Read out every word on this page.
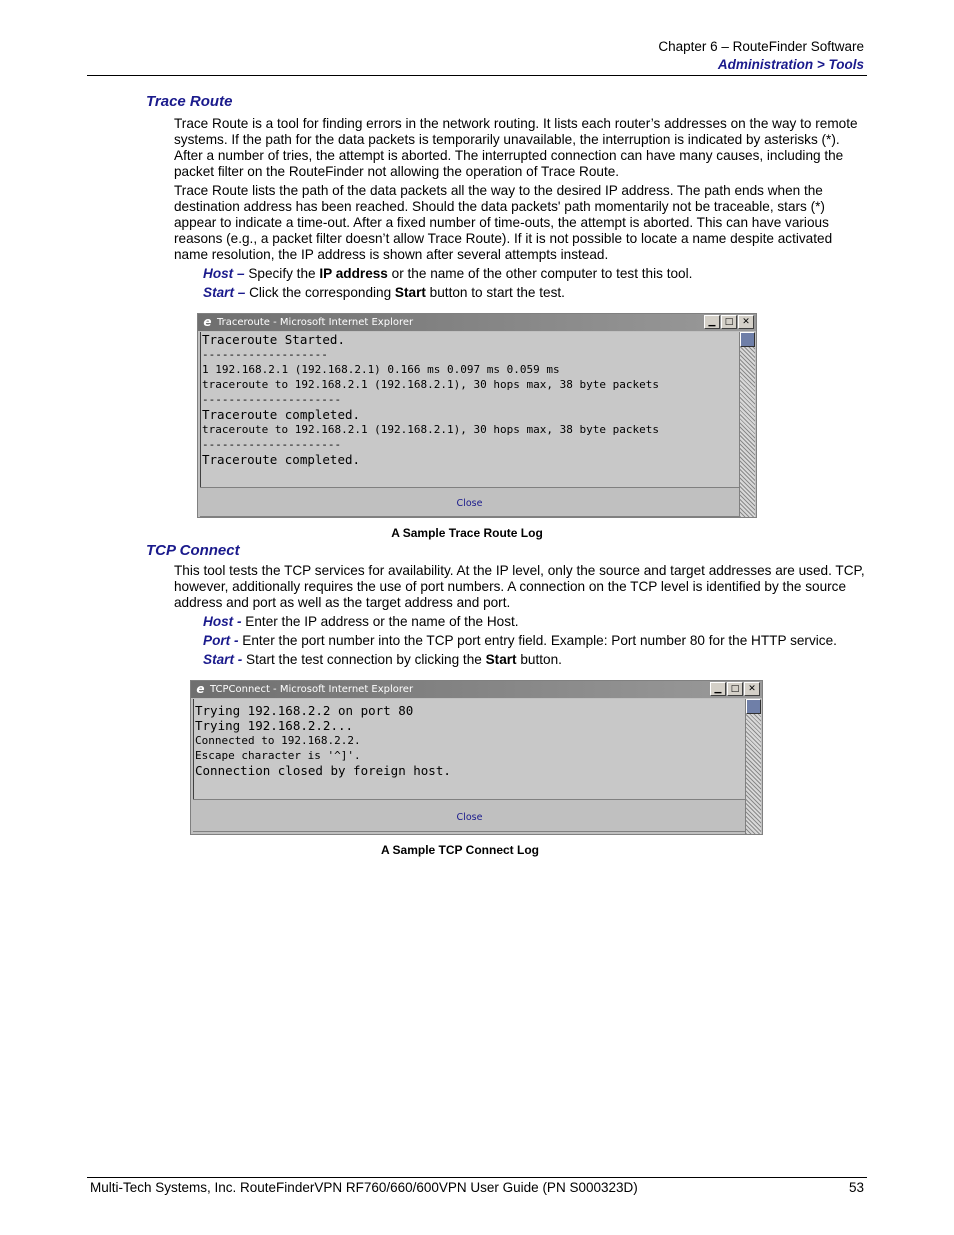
Chapter 6 – RouteFinder Software
Administration > Tools
Trace Route
Trace Route is a tool for finding errors in the network routing. It lists each router’s addresses on the way to remote systems. If the path for the data packets is temporarily unavailable, the interruption is indicated by asterisks (*). After a number of tries, the attempt is aborted. The interrupted connection can have many causes, including the packet filter on the RouteFinder not allowing the operation of Trace Route.
Trace Route lists the path of the data packets all the way to the desired IP address. The path ends when the destination address has been reached. Should the data packets' path momentarily not be traceable, stars (*) appear to indicate a time-out. After a fixed number of time-outs, the attempt is aborted. This can have various reasons (e.g., a packet filter doesn’t allow Trace Route). If it is not possible to locate a name despite activated name resolution, the IP address is shown after several attempts instead.
Host – Specify the IP address or the name of the other computer to test this tool.
Start – Click the corresponding Start button to start the test.
e Traceroute - Microsoft Internet Explorer	▁ □ ✕
Traceroute Started.
-------------------
1 192.168.2.1 (192.168.2.1) 0.166 ms 0.097 ms 0.059 ms
traceroute to 192.168.2.1 (192.168.2.1), 30 hops max, 38 byte packets
---------------------
Traceroute completed.
traceroute to 192.168.2.1 (192.168.2.1), 30 hops max, 38 byte packets
---------------------
Traceroute completed.
Close
A Sample Trace Route Log
TCP Connect
This tool tests the TCP services for availability. At the IP level, only the source and target addresses are used. TCP, however, additionally requires the use of port numbers. A connection on the TCP level is identified by the source address and port as well as the target address and port.
Host - Enter the IP address or the name of the Host.
Port - Enter the port number into the TCP port entry field. Example: Port number 80 for the HTTP service.
Start - Start the test connection by clicking the Start button.
e TCPConnect - Microsoft Internet Explorer	▁ □ ✕
Trying 192.168.2.2 on port 80
Trying 192.168.2.2...
Connected to 192.168.2.2.
Escape character is '^]'.
Connection closed by foreign host.
Close
A Sample TCP Connect Log
Multi-Tech Systems, Inc. RouteFinderVPN RF760/660/600VPN User Guide (PN S000323D)	53
